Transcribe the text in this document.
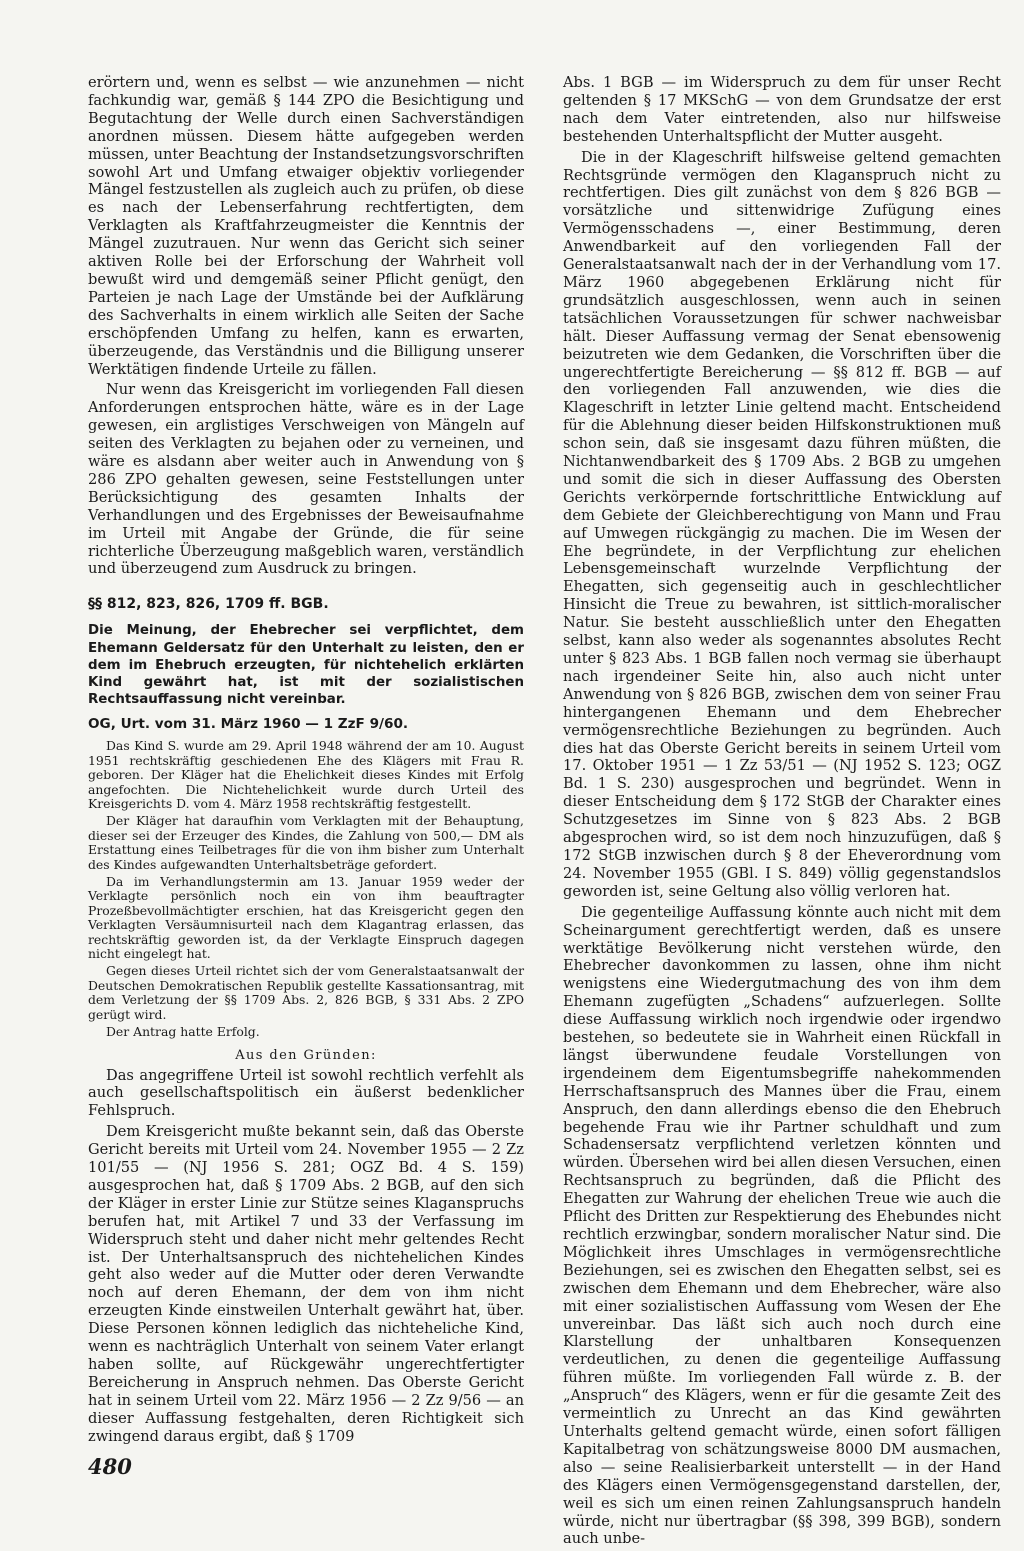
erörtern und, wenn es selbst — wie anzunehmen — nicht fachkundig war, gemäß § 144 ZPO die Besichtigung und Begutachtung der Welle durch einen Sachverständigen anordnen müssen. Diesem hätte aufgegeben werden müssen, unter Beachtung der Instandsetzungsvorschriften sowohl Art und Umfang etwaiger objektiv vorliegender Mängel festzustellen als zugleich auch zu prüfen, ob diese es nach der Lebenserfahrung rechtfertigten, dem Verklagten als Kraftfahrzeugmeister die Kenntnis der Mängel zuzutrauen. Nur wenn das Gericht sich seiner aktiven Rolle bei der Erforschung der Wahrheit voll bewußt wird und demgemäß seiner Pflicht genügt, den Parteien je nach Lage der Umstände bei der Aufklärung des Sachverhalts in einem wirklich alle Seiten der Sache erschöpfenden Umfang zu helfen, kann es erwarten, überzeugende, das Verständnis und die Billigung unserer Werktätigen findende Urteile zu fällen.

Nur wenn das Kreisgericht im vorliegenden Fall diesen Anforderungen entsprochen hätte, wäre es in der Lage gewesen, ein arglistiges Verschweigen von Mängeln auf seiten des Verklagten zu bejahen oder zu verneinen, und wäre es alsdann aber weiter auch in Anwendung von § 286 ZPO gehalten gewesen, seine Feststellungen unter Berücksichtigung des gesamten Inhalts der Verhandlungen und des Ergebnisses der Beweisaufnahme im Urteil mit Angabe der Gründe, die für seine richterliche Überzeugung maßgeblich waren, verständlich und überzeugend zum Ausdruck zu bringen.

§§ 812, 823, 826, 1709 ff. BGB.
Die Meinung, der Ehebrecher sei verpflichtet, dem Ehemann Geldersatz für den Unterhalt zu leisten, den er dem im Ehebruch erzeugten, für nichtehelich erklärten Kind gewährt hat, ist mit der sozialistischen Rechtsauffassung nicht vereinbar.
OG, Urt. vom 31. März 1960 — 1 ZzF 9/60.

Das Kind S. wurde am 29. April 1948 während der am 10. August 1951 rechtskräftig geschiedenen Ehe des Klägers mit Frau R. geboren. Der Kläger hat die Ehelichkeit dieses Kindes mit Erfolg angefochten. Die Nichtehelichkeit wurde durch Urteil des Kreisgerichts D. vom 4. März 1958 rechtskräftig festgestellt.

Der Kläger hat daraufhin vom Verklagten mit der Behauptung, dieser sei der Erzeuger des Kindes, die Zahlung von 500,— DM als Erstattung eines Teilbetrages für die von ihm bisher zum Unterhalt des Kindes aufgewandten Unterhaltsbeträge gefordert.

Da im Verhandlungstermin am 13. Januar 1959 weder der Verklagte persönlich noch ein von ihm beauftragter Prozeßbevollmächtigter erschien, hat das Kreisgericht gegen den Verklagten Versäumnisurteil nach dem Klagantrag erlassen, das rechtskräftig geworden ist, da der Verklagte Einspruch dagegen nicht eingelegt hat.

Gegen dieses Urteil richtet sich der vom Generalstaatsanwalt der Deutschen Demokratischen Republik gestellte Kassationsantrag, mit dem Verletzung der §§ 1709 Abs. 2, 826 BGB, § 331 Abs. 2 ZPO gerügt wird.

Der Antrag hatte Erfolg.

Aus den Gründen:

Das angegriffene Urteil ist sowohl rechtlich verfehlt als auch gesellschaftspolitisch ein äußerst bedenklicher Fehlspruch.

Dem Kreisgericht mußte bekannt sein, daß das Oberste Gericht bereits mit Urteil vom 24. November 1955 — 2 Zz 101/55 — (NJ 1956 S. 281; OGZ Bd. 4 S. 159) ausgesprochen hat, daß § 1709 Abs. 2 BGB, auf den sich der Kläger in erster Linie zur Stütze seines Klaganspruchs berufen hat, mit Artikel 7 und 33 der Verfassung im Widerspruch steht und daher nicht mehr geltendes Recht ist. Der Unterhaltsanspruch des nichtehelichen Kindes geht also weder auf die Mutter oder deren Verwandte noch auf deren Ehemann, der dem von ihm nicht erzeugten Kinde einstweilen Unterhalt gewährt hat, über. Diese Personen können lediglich das nichteheliche Kind, wenn es nachträglich Unterhalt von seinem Vater erlangt haben sollte, auf Rückgewähr ungerechtfertigter Bereicherung in Anspruch nehmen. Das Oberste Gericht hat in seinem Urteil vom 22. März 1956 — 2 Zz 9/56 — an dieser Auffassung festgehalten, deren Richtigkeit sich zwingend daraus ergibt, daß § 1709

Abs. 1 BGB — im Widerspruch zu dem für unser Recht geltenden § 17 MKSchG — von dem Grundsatze der erst nach dem Vater eintretenden, also nur hilfsweise bestehenden Unterhaltspflicht der Mutter ausgeht.

Die in der Klageschrift hilfsweise geltend gemachten Rechtsgründe vermögen den Klaganspruch nicht zu rechtfertigen. Dies gilt zunächst von dem § 826 BGB — vorsätzliche und sittenwidrige Zufügung eines Vermögensschadens —, einer Bestimmung, deren Anwendbarkeit auf den vorliegenden Fall der Generalstaatsanwalt nach der in der Verhandlung vom 17. März 1960 abgegebenen Erklärung nicht für grundsätzlich ausgeschlossen, wenn auch in seinen tatsächlichen Voraussetzungen für schwer nachweisbar hält. Dieser Auffassung vermag der Senat ebensowenig beizutreten wie dem Gedanken, die Vorschriften über die ungerechtfertigte Bereicherung — §§ 812 ff. BGB — auf den vorliegenden Fall anzuwenden, wie dies die Klageschrift in letzter Linie geltend macht. Entscheidend für die Ablehnung dieser beiden Hilfskonstruktionen muß schon sein, daß sie insgesamt dazu führen müßten, die Nichtanwendbarkeit des § 1709 Abs. 2 BGB zu umgehen und somit die sich in dieser Auffassung des Obersten Gerichts verkörpernde fortschrittliche Entwicklung auf dem Gebiete der Gleichberechtigung von Mann und Frau auf Umwegen rückgängig zu machen. Die im Wesen der Ehe begründete, in der Verpflichtung zur ehelichen Lebensgemeinschaft wurzelnde Verpflichtung der Ehegatten, sich gegenseitig auch in geschlechtlicher Hinsicht die Treue zu bewahren, ist sittlich-moralischer Natur. Sie besteht ausschließlich unter den Ehegatten selbst, kann also weder als sogenanntes absolutes Recht unter § 823 Abs. 1 BGB fallen noch vermag sie überhaupt nach irgendeiner Seite hin, also auch nicht unter Anwendung von § 826 BGB, zwischen dem von seiner Frau hintergangenen Ehemann und dem Ehebrecher vermögensrechtliche Beziehungen zu begründen. Auch dies hat das Oberste Gericht bereits in seinem Urteil vom 17. Oktober 1951 — 1 Zz 53/51 — (NJ 1952 S. 123; OGZ Bd. 1 S. 230) ausgesprochen und begründet. Wenn in dieser Entscheidung dem § 172 StGB der Charakter eines Schutzgesetzes im Sinne von § 823 Abs. 2 BGB abgesprochen wird, so ist dem noch hinzuzufügen, daß § 172 StGB inzwischen durch § 8 der Eheverordnung vom 24. November 1955 (GBl. I S. 849) völlig gegenstandslos geworden ist, seine Geltung also völlig verloren hat.

Die gegenteilige Auffassung könnte auch nicht mit dem Scheinargument gerechtfertigt werden, daß es unsere werktätige Bevölkerung nicht verstehen würde, den Ehebrecher davonkommen zu lassen, ohne ihm nicht wenigstens eine Wiedergutmachung des von ihm dem Ehemann zugefügten „Schadens“ aufzuerlegen. Sollte diese Auffassung wirklich noch irgendwie oder irgendwo bestehen, so bedeutete sie in Wahrheit einen Rückfall in längst überwundene feudale Vorstellungen von irgendeinem dem Eigentumsbegriffe nahekommenden Herrschaftsanspruch des Mannes über die Frau, einem Anspruch, den dann allerdings ebenso die den Ehebruch begehende Frau wie ihr Partner schuldhaft und zum Schadensersatz verpflichtend verletzen könnten und würden. Übersehen wird bei allen diesen Versuchen, einen Rechtsanspruch zu begründen, daß die Pflicht des Ehegatten zur Wahrung der ehelichen Treue wie auch die Pflicht des Dritten zur Respektierung des Ehebundes nicht rechtlich erzwingbar, sondern moralischer Natur sind. Die Möglichkeit ihres Umschlages in vermögensrechtliche Beziehungen, sei es zwischen den Ehegatten selbst, sei es zwischen dem Ehemann und dem Ehebrecher, wäre also mit einer sozialistischen Auffassung vom Wesen der Ehe unvereinbar. Das läßt sich auch noch durch eine Klarstellung der unhaltbaren Konsequenzen verdeutlichen, zu denen die gegenteilige Auffassung führen müßte. Im vorliegenden Fall würde z. B. der „Anspruch“ des Klägers, wenn er für die gesamte Zeit des vermeintlich zu Unrecht an das Kind gewährten Unterhalts geltend gemacht würde, einen sofort fälligen Kapitalbetrag von schätzungsweise 8000 DM ausmachen, also — seine Realisierbarkeit unterstellt — in der Hand des Klägers einen Vermögensgegenstand darstellen, der, weil es sich um einen reinen Zahlungsanspruch handeln würde, nicht nur übertragbar (§§ 398, 399 BGB), sondern auch unbe-

480
